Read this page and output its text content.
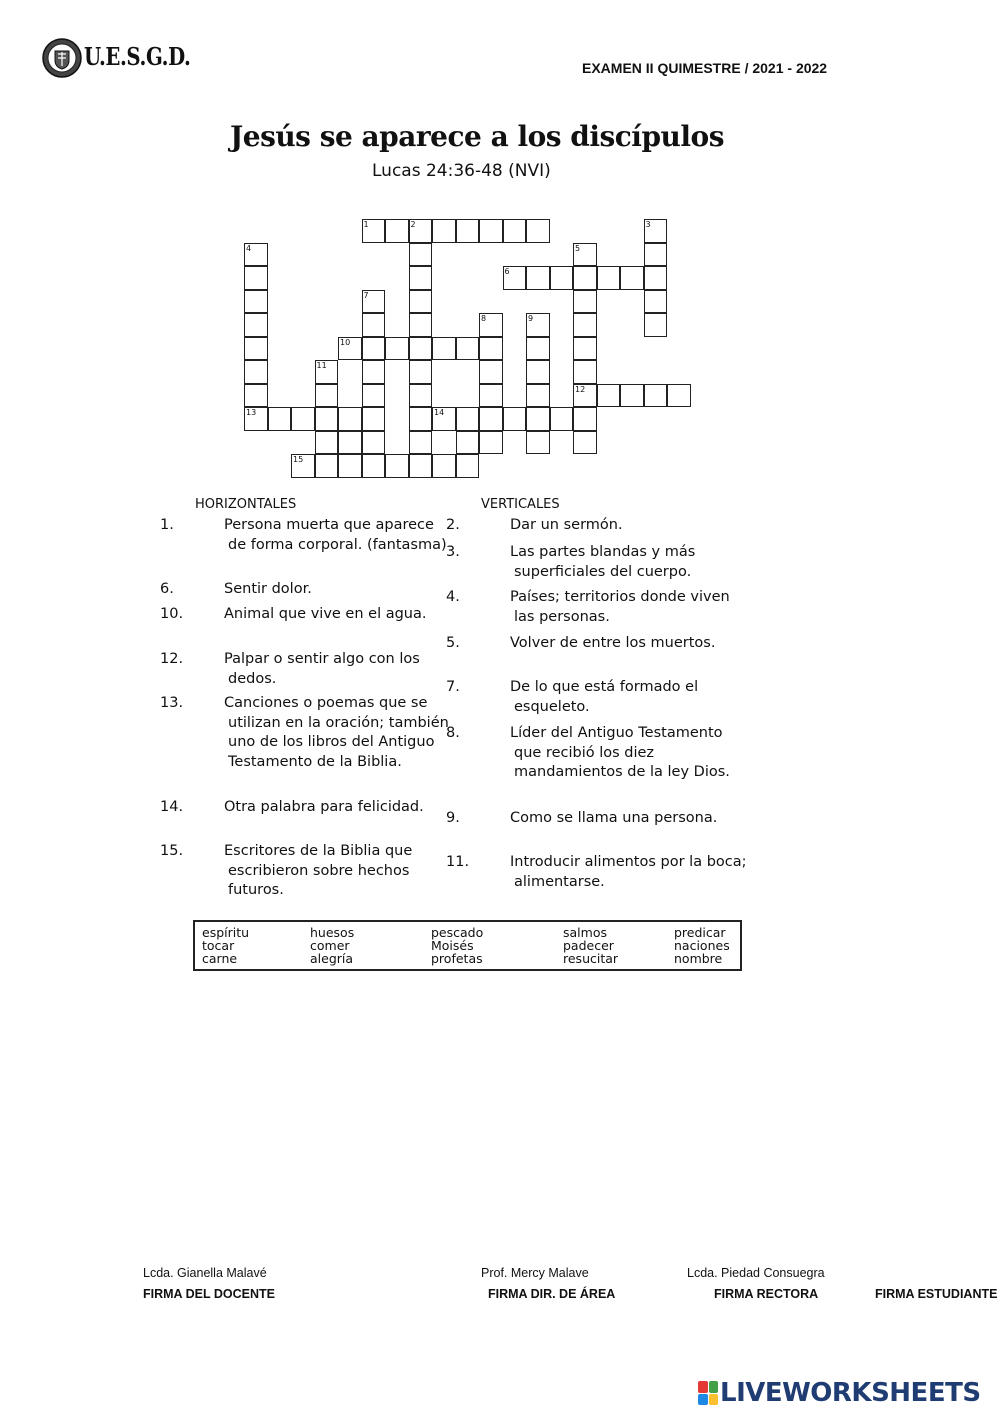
U.E.S.G.D.	EXAMEN II QUIMESTRE / 2021 - 2022
Jesús se aparece a los discípulos
Lucas 24:36-48 (NVI)
1	2	3
4
13
5
12
6
7
8	9
10
11
14
15
HORIZONTALES	VERTICALES
1.	Persona muerta que aparece de forma corporal. (fantasma)
6.	Sentir dolor.
10.	Animal que vive en el agua.
12.	Palpar o sentir algo con los dedos.
13.	Canciones o poemas que se utilizan en la oración; también uno de los libros del Antiguo Testamento de la Biblia.
14.	Otra palabra para felicidad.
15.	Escritores de la Biblia que escribieron sobre hechos futuros.
2.	Dar un sermón.
3.	Las partes blandas y más superficiales del cuerpo.
4.	Países; territorios donde viven las personas.
5.	Volver de entre los muertos.
7.	De lo que está formado el esqueleto.
8.	Líder del Antiguo Testamento que recibió los diez mandamientos de la ley Dios.
9.	Como se llama una persona.
11.	Introducir alimentos por la boca; alimentarse.
espíritu
tocar
carne
huesos
comer
alegría
pescado
Moisés
profetas
salmos
padecer
resucitar
predicar
naciones
nombre
Lcda. Gianella Malavé
FIRMA DEL DOCENTE
Prof. Mercy Malave
FIRMA DIR. DE ÁREA
Lcda. Piedad Consuegra
FIRMA RECTORA	FIRMA ESTUDIANTE
LIVEWORKSHEETS
